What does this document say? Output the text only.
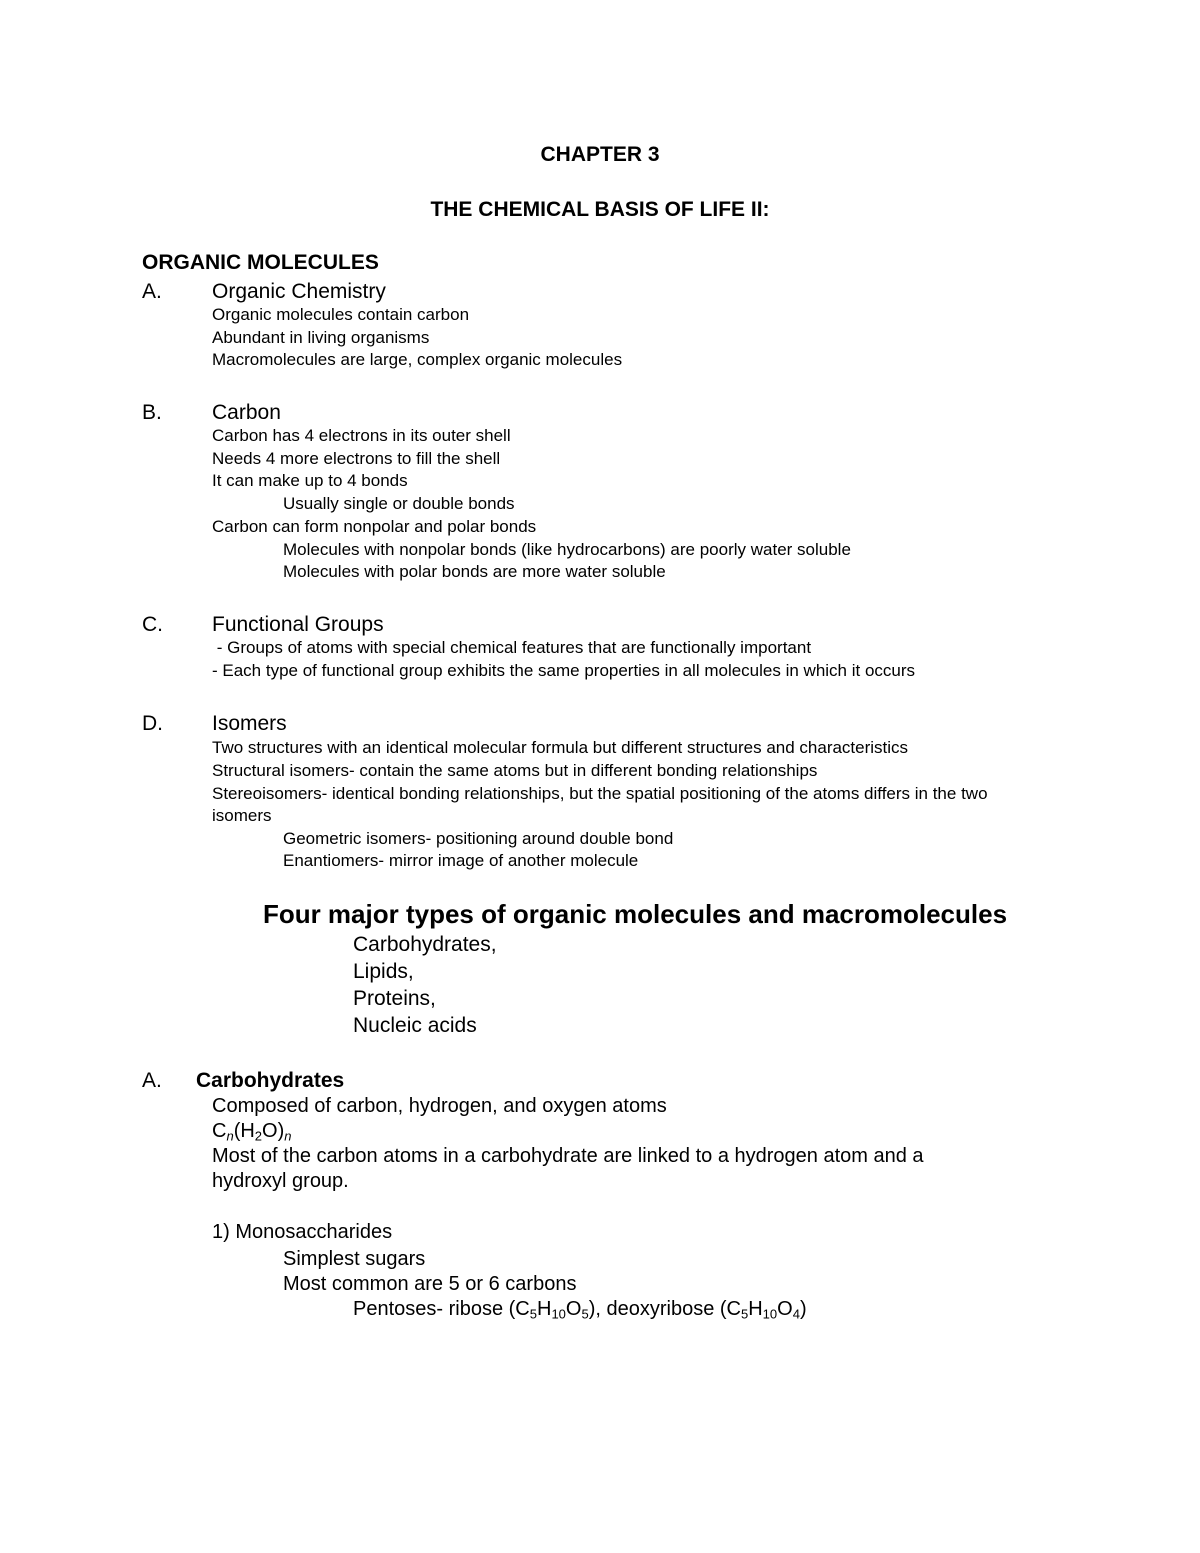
CHAPTER 3
THE CHEMICAL BASIS OF LIFE II:
ORGANIC MOLECULES
A. Organic Chemistry
Organic molecules contain carbon
Abundant in living organisms
Macromolecules are large, complex organic molecules
B. Carbon
Carbon has 4 electrons in its outer shell
Needs 4 more electrons to fill the shell
It can make up to 4 bonds
Usually single or double bonds
Carbon can form nonpolar and polar bonds
Molecules with nonpolar bonds (like hydrocarbons) are poorly water soluble
Molecules with polar bonds are more water soluble
C. Functional Groups
- Groups of atoms with special chemical features that are functionally important
- Each type of functional group exhibits the same properties in all molecules in which it occurs
D. Isomers
Two structures with an identical molecular formula but different structures and characteristics
Structural isomers- contain the same atoms but in different bonding relationships
Stereoisomers- identical bonding relationships, but the spatial positioning of the atoms differs in the two isomers
Geometric isomers- positioning around double bond
Enantiomers- mirror image of another molecule
Four major types of organic molecules and macromolecules
Carbohydrates,
Lipids,
Proteins,
Nucleic acids
A. Carbohydrates
Composed of carbon, hydrogen, and oxygen atoms
$C_n(H_2O)_n$
Most of the carbon atoms in a carbohydrate are linked to a hydrogen atom and a hydroxyl group.
1) Monosaccharides
Simplest sugars
Most common are 5 or 6 carbons
Pentoses- ribose $(C_5H_{10}O_5)$, deoxyribose $(C_5H_{10}O_4)$
